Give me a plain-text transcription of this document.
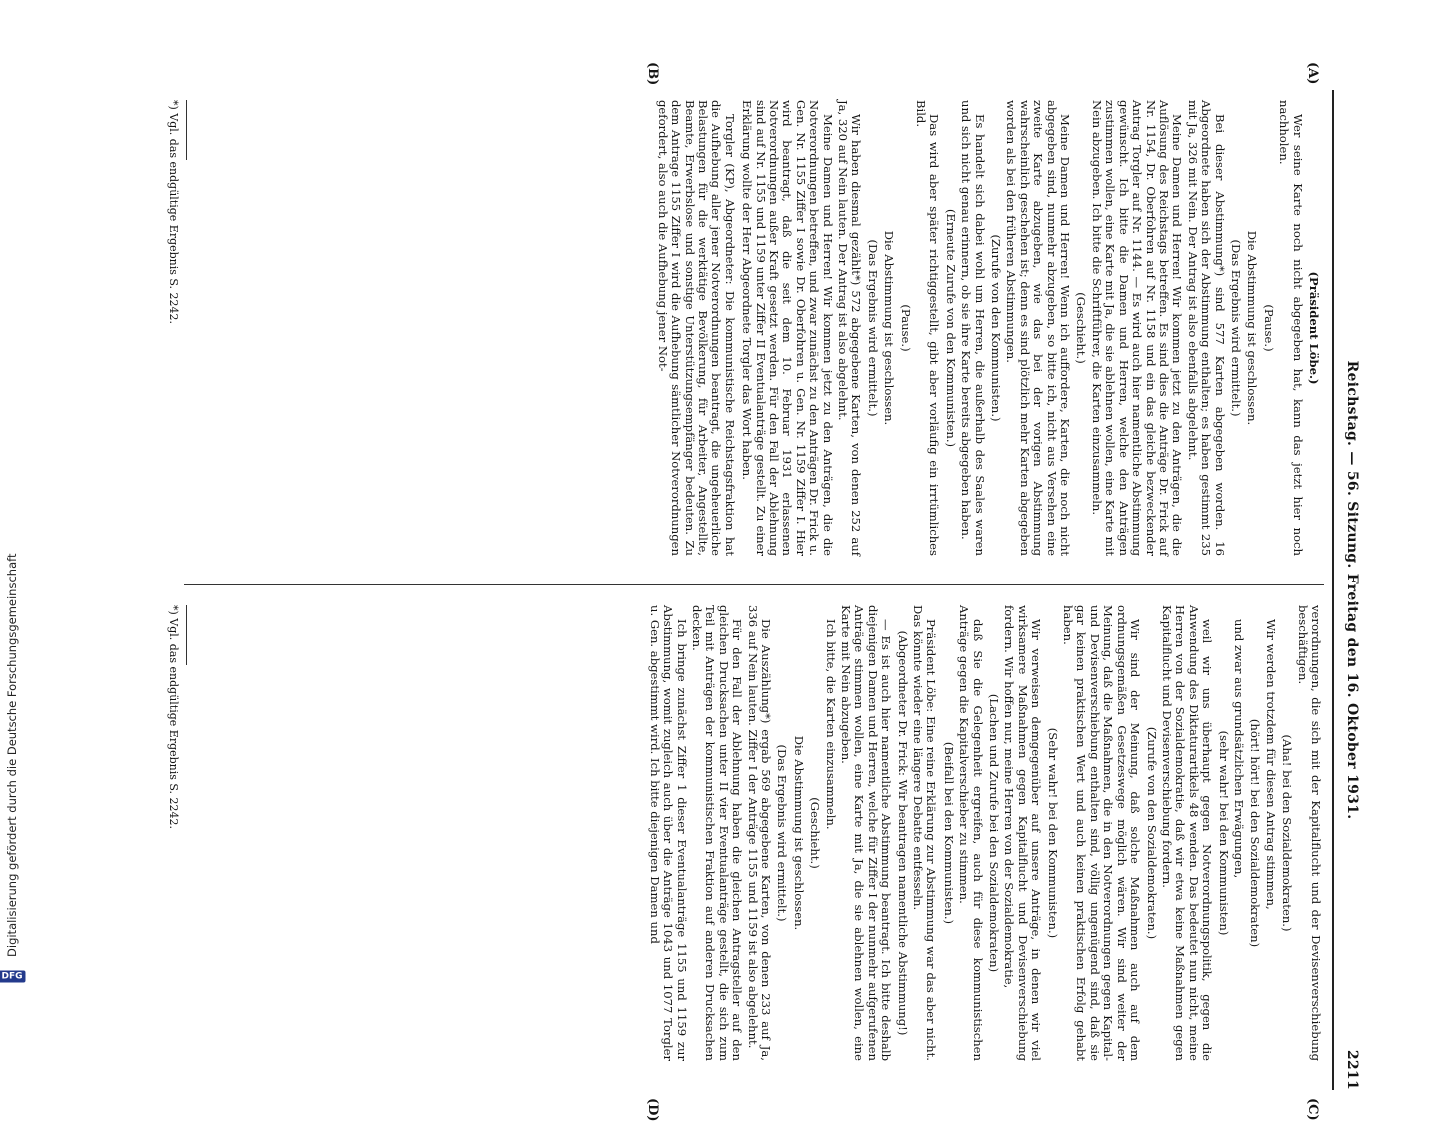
Reichstag. — 56. Sitzung. Freitag den 16. Oktober 1931.
2211
(A)
(B)
(C)
(D)

(Präsident Löbe.)

Wer seine Karte noch nicht abgegeben hat, kann das jetzt hier noch nachholen.

(Pause.)

Die Abstimmung ist geschlossen.

(Das Ergebnis wird ermittelt.)

Bei dieser Abstimmung*) sind 577 Karten abgegeben worden. 16 Abgeordnete haben sich der Abstimmung enthalten; es haben gestimmt 235 mit Ja, 326 mit Nein. Der Antrag ist also ebenfalls abgelehnt.

Meine Damen und Herren! Wir kommen jetzt zu den Anträgen, die die Auflösung des Reichstags betreffen. Es sind dies die Anträge Dr. Frick auf Nr. 1154, Dr. Oberfohren auf Nr. 1158 und ein das gleiche bezweckender Antrag Torgler auf Nr. 1144. — Es wird auch hier namentliche Abstimmung gewünscht. Ich bitte die Damen und Herren, welche den Anträgen zustimmen wollen, eine Karte mit Ja, die sie ablehnen wollen, eine Karte mit Nein abzugeben. Ich bitte die Schriftführer, die Karten einzusammeln.

(Geschieht.)

Meine Damen und Herren! Wenn ich auffordere, Karten, die noch nicht abgegeben sind, nunmehr abzugeben, so bitte ich, nicht aus Versehen eine zweite Karte abzugeben, wie das bei der vorigen Abstimmung wahrscheinlich geschehen ist; denn es sind plötzlich mehr Karten abgegeben worden als bei den früheren Abstimmungen.

(Zurufe von den Kommunisten.)

Es handelt sich dabei wohl um Herren, die außerhalb des Saales waren und sich nicht genau erinnern, ob sie ihre Karte bereits abgegeben haben.

(Erneute Zurufe von den Kommunisten.)

Das wird aber später richtiggestellt, gibt aber vorläufig ein irrtümliches Bild.

(Pause.)

Die Abstimmung ist geschlossen.

(Das Ergebnis wird ermittelt.)

Wir haben diesmal gezählt*) 572 abgegebene Karten, von denen 252 auf Ja, 320 auf Nein lauten. Der Antrag ist also abgelehnt.

Meine Damen und Herren! Wir kommen jetzt zu den Anträgen, die die Notverordnungen betreffen, und zwar zunächst zu den Anträgen Dr. Frick u. Gen. Nr. 1155 Ziffer I sowie Dr. Oberfohren u. Gen. Nr. 1159 Ziffer I. Hier wird beantragt, daß die seit dem 10. Februar 1931 erlassenen Notverordnungen außer Kraft gesetzt werden. Für den Fall der Ablehnung sind auf Nr. 1155 und 1159 unter Ziffer II Eventualanträge gestellt. Zu einer Erklärung wollte der Herr Abgeordnete Torgler das Wort haben.

Torgler (KP), Abgeordneter: Die kommunistische Reichstagsfraktion hat die Aufhebung aller jener Notverordnungen beantragt, die ungeheuerliche Belastungen für die werktätige Bevölkerung, für Arbeiter, Angestellte, Beamte, Erwerbslose und sonstige Unterstützungsempfänger bedeuten. Zu dem Antrage 1155 Ziffer I wird die Aufhebung sämtlicher Notverordnungen gefordert, also auch die Aufhebung jener Not-

verordnungen, die sich mit der Kapitalflucht und der Devisenverschiebung beschäftigen.

(Aha! bei den Sozialdemokraten.)

Wir werden trotzdem für diesen Antrag stimmen,

(hört! hört! bei den Sozialdemokraten)

und zwar aus grundsätzlichen Erwägungen,

(sehr wahr! bei den Kommunisten)

weil wir uns überhaupt gegen Notverordnungspolitik, gegen die Anwendung des Diktaturartikels 48 wenden. Das bedeutet nun nicht, meine Herren von der Sozialdemokratie, daß wir etwa keine Maßnahmen gegen Kapitalflucht und Devisenverschiebung fordern.

(Zurufe von den Sozialdemokraten.)

Wir sind der Meinung, daß solche Maßnahmen auch auf dem ordnungsgemäßen Gesetzeswege möglich wären. Wir sind weiter der Meinung, daß die Maßnahmen, die in den Notverordnungen gegen Kapital- und Devisenverschiebung enthalten sind, völlig ungenügend sind, daß sie gar keinen praktischen Wert und auch keinen praktischen Erfolg gehabt haben.

(Sehr wahr! bei den Kommunisten.)

Wir verweisen demgegenüber auf unsere Anträge, in denen wir viel wirksamere Maßnahmen gegen Kapitalflucht und Devisenverschiebung fordern. Wir hoffen nur, meine Herren von der Sozialdemokratie,

(Lachen und Zurufe bei den Sozialdemokraten)

daß Sie die Gelegenheit ergreifen, auch für diese kommunistischen Anträge gegen die Kapitalverschieber zu stimmen.

(Beifall bei den Kommunisten.)

Präsident Löbe: Eine reine Erklärung zur Abstimmung war das aber nicht. Das könnte wieder eine längere Debatte entfesseln.

(Abgeordneter Dr. Frick: Wir beantragen namentliche Abstimmung!)

— Es ist auch hier namentliche Abstimmung beantragt. Ich bitte deshalb diejenigen Damen und Herren, welche für Ziffer I der nunmehr aufgerufenen Anträge stimmen wollen, eine Karte mit Ja, die sie ablehnen wollen, eine Karte mit Nein abzugeben.

Ich bitte, die Karten einzusammeln.

(Geschieht.)

Die Abstimmung ist geschlossen.

(Das Ergebnis wird ermittelt.)

Die Auszählung*) ergab 569 abgegebene Karten, von denen 233 auf Ja, 336 auf Nein lauten. Ziffer I der Anträge 1155 und 1159 ist also abgelehnt.

Für den Fall der Ablehnung haben die gleichen Antragsteller auf den gleichen Drucksachen unter II vier Eventualanträge gestellt, die sich zum Teil mit Anträgen der kommunistischen Fraktion auf anderen Drucksachen decken.

Ich bringe zunächst Ziffer 1 dieser Eventualanträge 1155 und 1159 zur Abstimmung, womit zugleich auch über die Anträge 1043 und 1077 Torgler u. Gen. abgestimmt wird. Ich bitte diejenigen Damen und

*) Vgl. das endgültige Ergebnis S. 2242.
*) Vgl. das endgültige Ergebnis S. 2242.
DFG
Digitalisierung gefördert durch die Deutsche Forschungsgemeinschaft
